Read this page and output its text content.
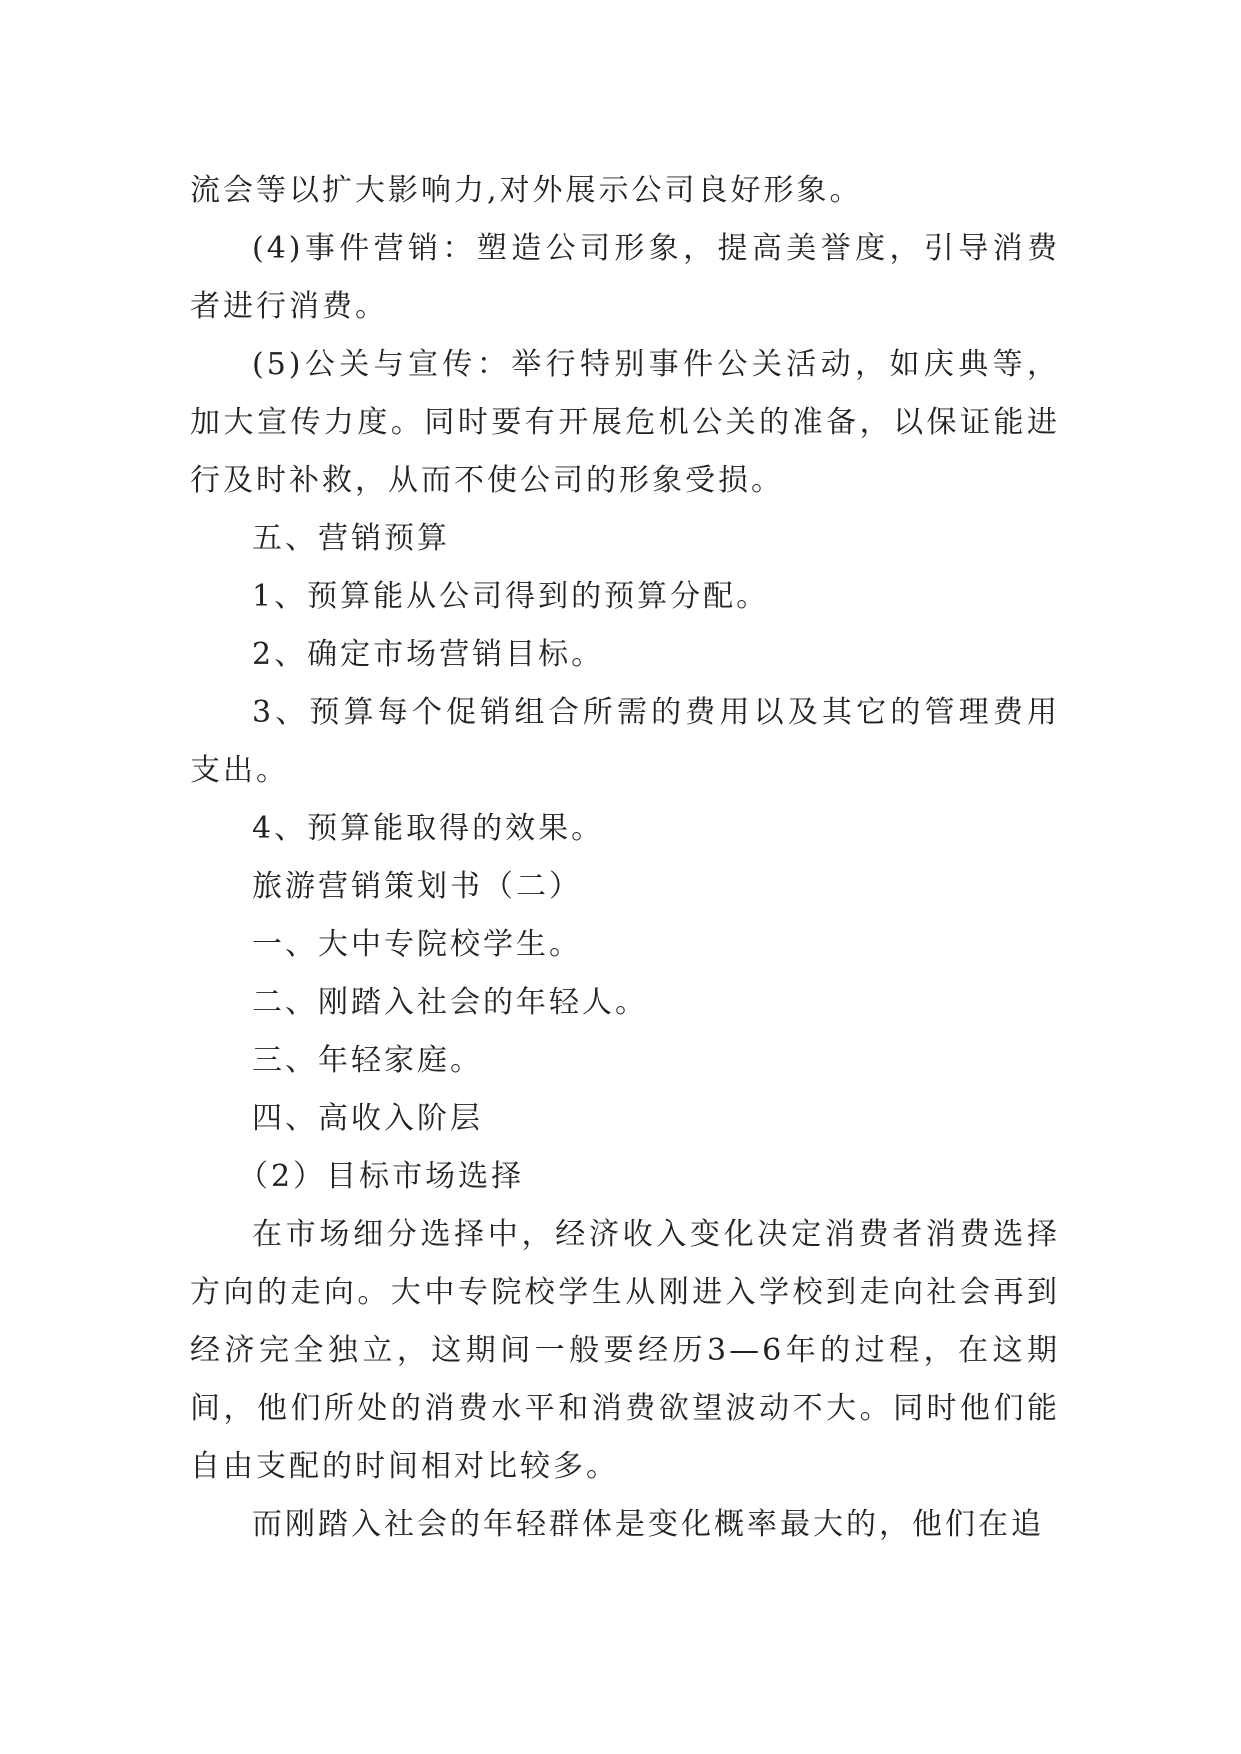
流会等以扩大影响力,对外展示公司良好形象。

(4)事件营销：塑造公司形象，提高美誉度，引导消费者进行消费。

(5)公关与宣传：举行特别事件公关活动，如庆典等，加大宣传力度。同时要有开展危机公关的准备，以保证能进行及时补救，从而不使公司的形象受损。

五、营销预算

1、预算能从公司得到的预算分配。

2、确定市场营销目标。

3、预算每个促销组合所需的费用以及其它的管理费用支出。

4、预算能取得的效果。

旅游营销策划书（二）

一、大中专院校学生。

二、刚踏入社会的年轻人。

三、年轻家庭。

四、高收入阶层

（2）目标市场选择

在市场细分选择中，经济收入变化决定消费者消费选择方向的走向。大中专院校学生从刚进入学校到走向社会再到经济完全独立，这期间一般要经历3—6年的过程，在这期间，他们所处的消费水平和消费欲望波动不大。同时他们能自由支配的时间相对比较多。

而刚踏入社会的年轻群体是变化概率最大的，他们在追
